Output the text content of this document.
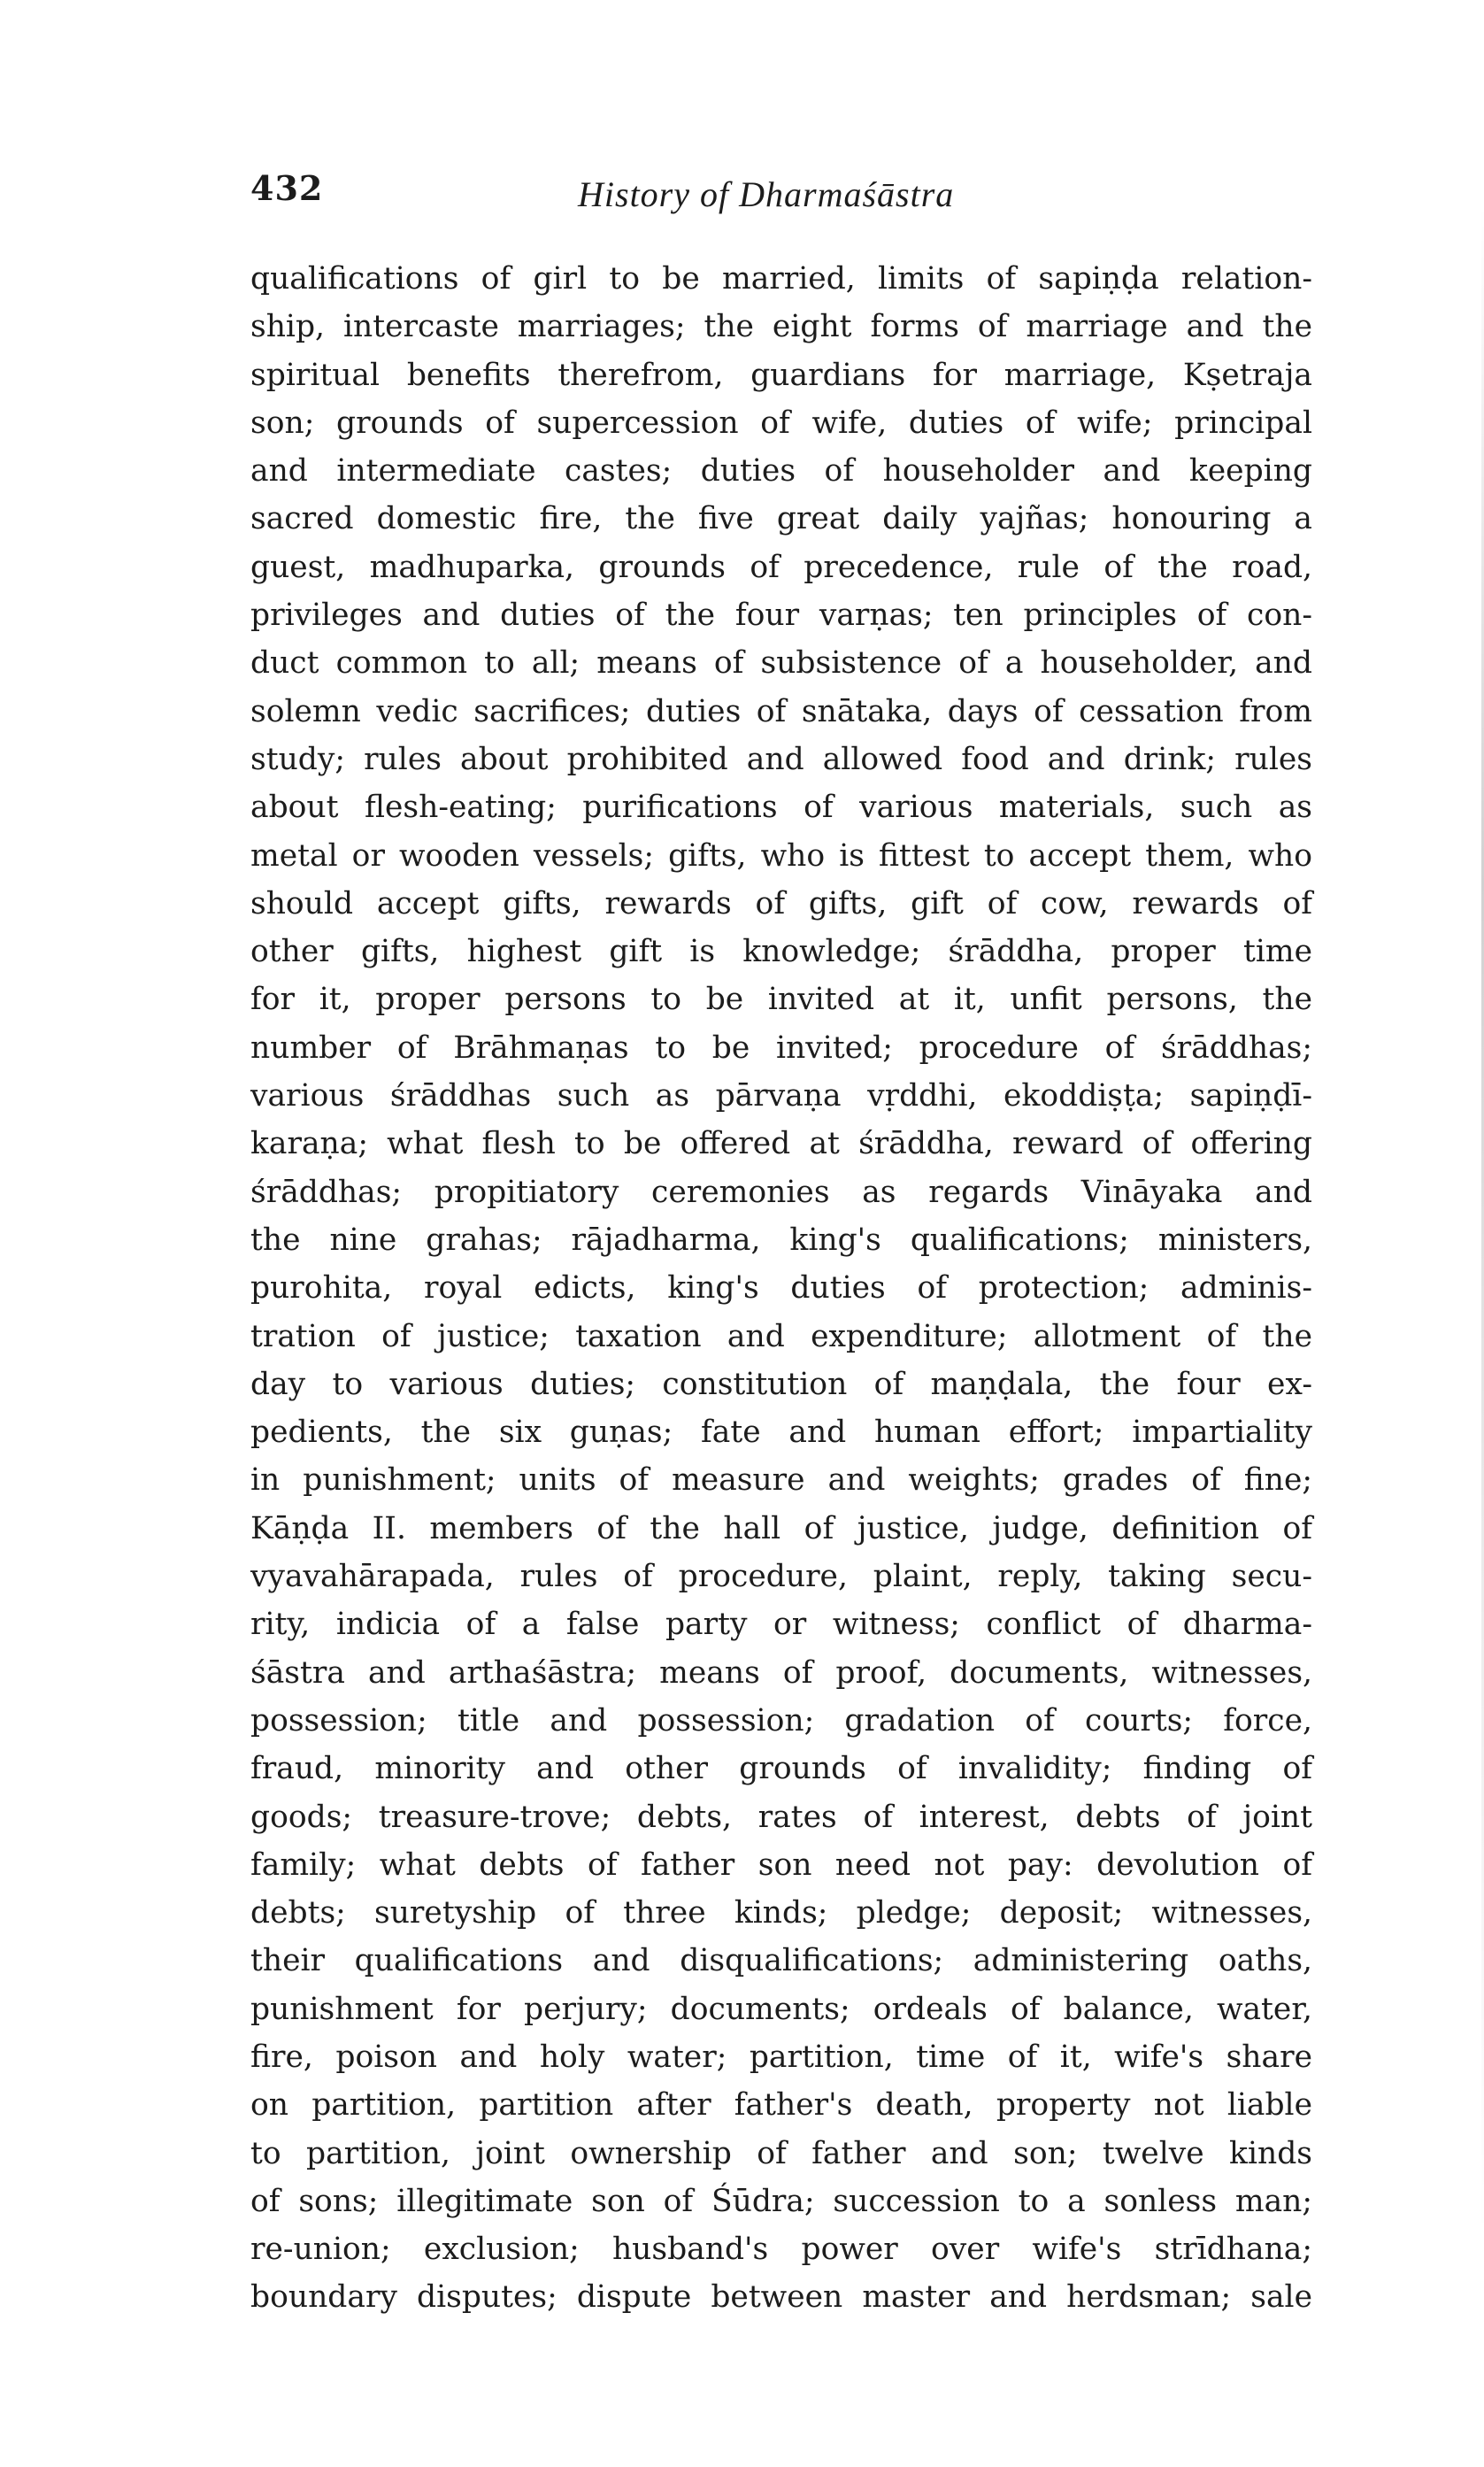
432	History of Dharmaśāstra
qualifications of girl to be married, limits of sapiṇḍa relation-
ship, intercaste marriages; the eight forms of marriage and the
spiritual benefits therefrom, guardians for marriage, Kṣetraja
son; grounds of supercession of wife, duties of wife; principal
and intermediate castes; duties of householder and keeping
sacred domestic fire, the five great daily yajñas; honouring a
guest, madhuparka, grounds of precedence, rule of the road,
privileges and duties of the four varṇas; ten principles of con-
duct common to all; means of subsistence of a householder, and
solemn vedic sacrifices; duties of snātaka, days of cessation from
study; rules about prohibited and allowed food and drink; rules
about flesh-eating; purifications of various materials, such as
metal or wooden vessels; gifts, who is fittest to accept them, who
should accept gifts, rewards of gifts, gift of cow, rewards of
other gifts, highest gift is knowledge; śrāddha, proper time
for it, proper persons to be invited at it, unfit persons, the
number of Brāhmaṇas to be invited; procedure of śrāddhas;
various śrāddhas such as pārvaṇa vṛddhi, ekoddiṣṭa; sapiṇḍī-
karaṇa; what flesh to be offered at śrāddha, reward of offering
śrāddhas; propitiatory ceremonies as regards Vināyaka and
the nine grahas; rājadharma, king's qualifications; ministers,
purohita, royal edicts, king's duties of protection; adminis-
tration of justice; taxation and expenditure; allotment of the
day to various duties; constitution of maṇḍala, the four ex-
pedients, the six guṇas; fate and human effort; impartiality
in punishment; units of measure and weights; grades of fine;
Kāṇḍa II. members of the hall of justice, judge, definition of
vyavahārapada, rules of procedure, plaint, reply, taking secu-
rity, indicia of a false party or witness; conflict of dharma-
śāstra and arthaśāstra; means of proof, documents, witnesses,
possession; title and possession; gradation of courts; force,
fraud, minority and other grounds of invalidity; finding of
goods; treasure-trove; debts, rates of interest, debts of joint
family; what debts of father son need not pay: devolution of
debts; suretyship of three kinds; pledge; deposit; witnesses,
their qualifications and disqualifications; administering oaths,
punishment for perjury; documents; ordeals of balance, water,
fire, poison and holy water; partition, time of it, wife's share
on partition, partition after father's death, property not liable
to partition, joint ownership of father and son; twelve kinds
of sons; illegitimate son of Śūdra; succession to a sonless man;
re-union; exclusion; husband's power over wife's strīdhana;
boundary disputes; dispute between master and herdsman; sale
